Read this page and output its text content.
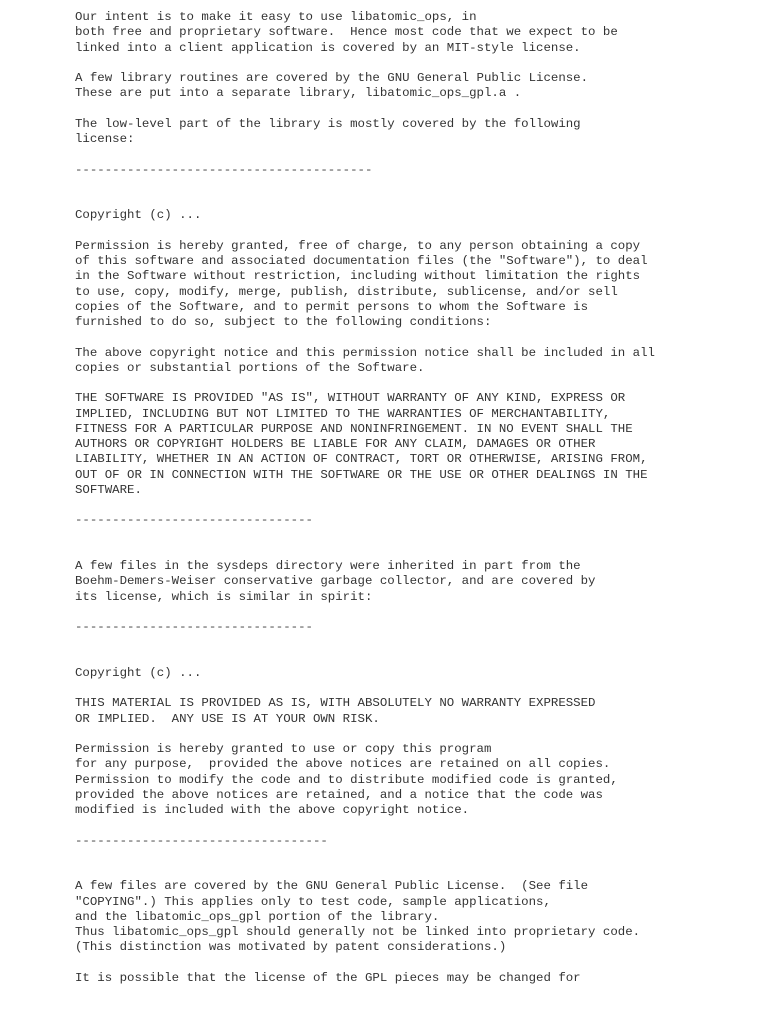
Our intent is to make it easy to use libatomic_ops, in
both free and proprietary software.  Hence most code that we expect to be
linked into a client application is covered by an MIT-style license.
A few library routines are covered by the GNU General Public License.
These are put into a separate library, libatomic_ops_gpl.a .
The low-level part of the library is mostly covered by the following
license:
----------------------------------------
Copyright (c) ...
Permission is hereby granted, free of charge, to any person obtaining a copy
of this software and associated documentation files (the "Software"), to deal
in the Software without restriction, including without limitation the rights
to use, copy, modify, merge, publish, distribute, sublicense, and/or sell
copies of the Software, and to permit persons to whom the Software is
furnished to do so, subject to the following conditions:
The above copyright notice and this permission notice shall be included in all
copies or substantial portions of the Software.
THE SOFTWARE IS PROVIDED "AS IS", WITHOUT WARRANTY OF ANY KIND, EXPRESS OR
IMPLIED, INCLUDING BUT NOT LIMITED TO THE WARRANTIES OF MERCHANTABILITY,
FITNESS FOR A PARTICULAR PURPOSE AND NONINFRINGEMENT. IN NO EVENT SHALL THE
AUTHORS OR COPYRIGHT HOLDERS BE LIABLE FOR ANY CLAIM, DAMAGES OR OTHER
LIABILITY, WHETHER IN AN ACTION OF CONTRACT, TORT OR OTHERWISE, ARISING FROM,
OUT OF OR IN CONNECTION WITH THE SOFTWARE OR THE USE OR OTHER DEALINGS IN THE
SOFTWARE.
--------------------------------
A few files in the sysdeps directory were inherited in part from the
Boehm-Demers-Weiser conservative garbage collector, and are covered by
its license, which is similar in spirit:
--------------------------------
Copyright (c) ...
THIS MATERIAL IS PROVIDED AS IS, WITH ABSOLUTELY NO WARRANTY EXPRESSED
OR IMPLIED.  ANY USE IS AT YOUR OWN RISK.
Permission is hereby granted to use or copy this program
for any purpose,  provided the above notices are retained on all copies.
Permission to modify the code and to distribute modified code is granted,
provided the above notices are retained, and a notice that the code was
modified is included with the above copyright notice.
----------------------------------
A few files are covered by the GNU General Public License.  (See file
"COPYING".) This applies only to test code, sample applications,
and the libatomic_ops_gpl portion of the library.
Thus libatomic_ops_gpl should generally not be linked into proprietary code.
(This distinction was motivated by patent considerations.)
It is possible that the license of the GPL pieces may be changed for
